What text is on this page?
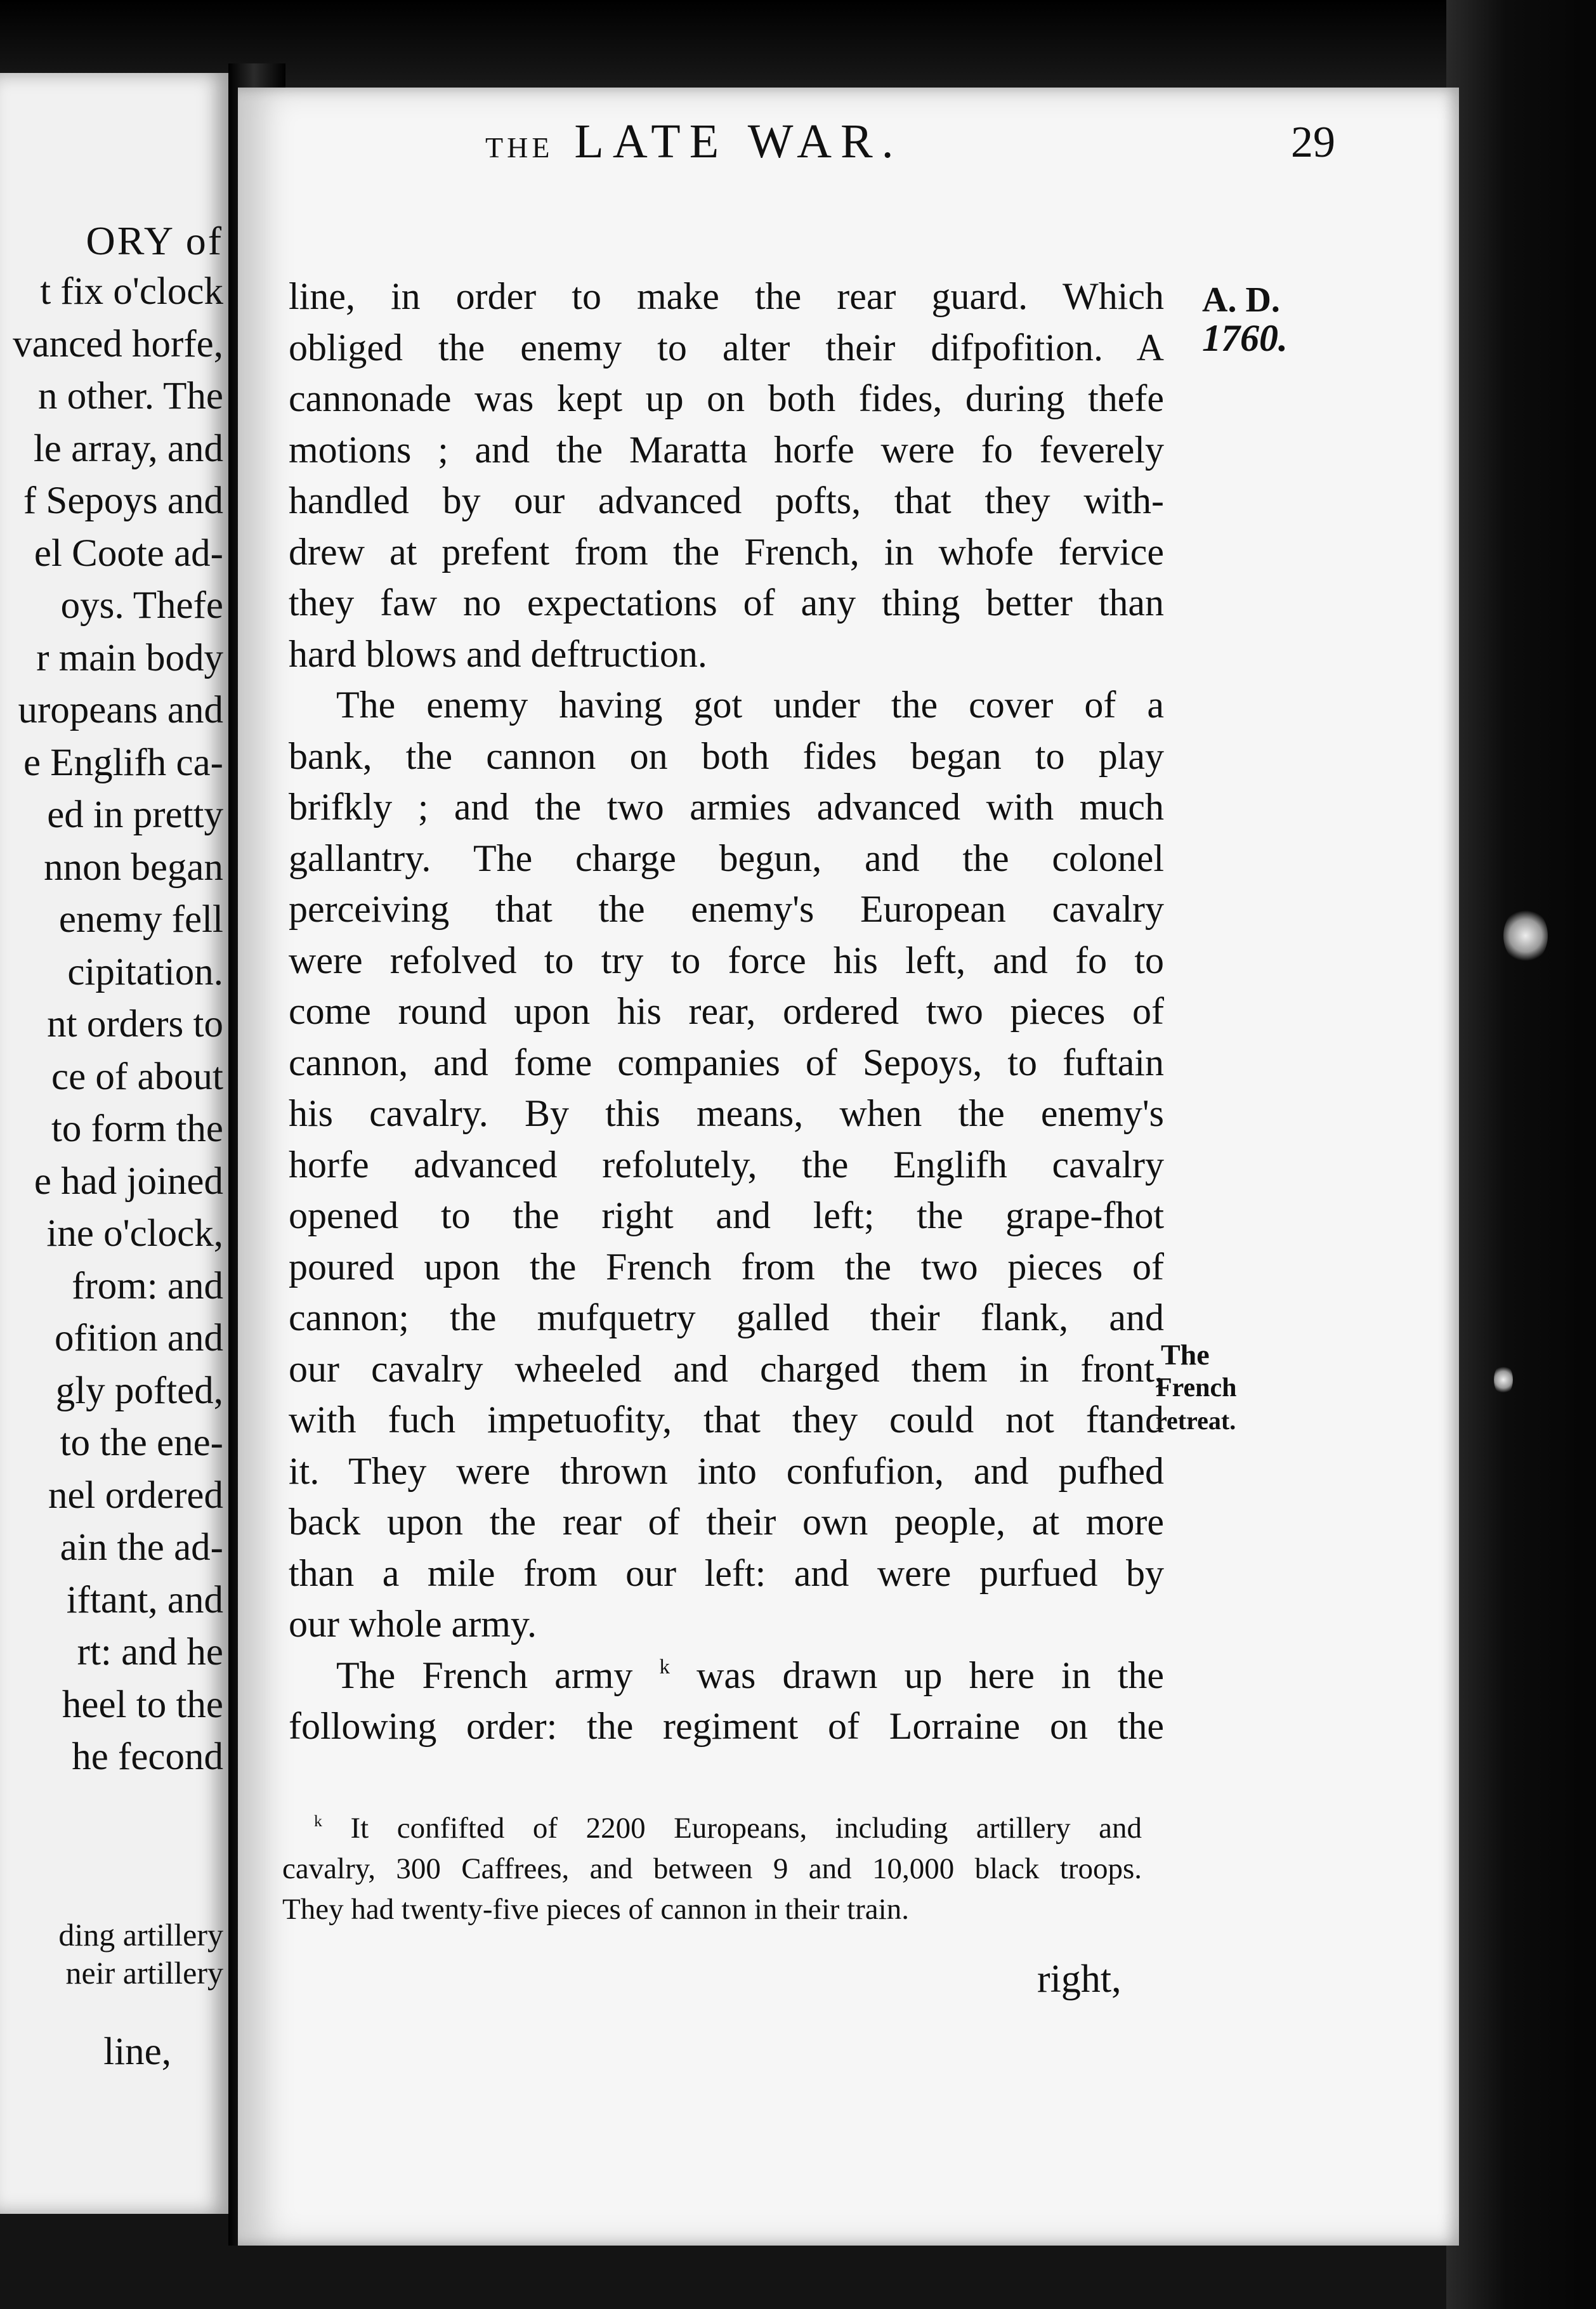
ORY of
t fix o'clock
vanced horfe,
n other. The
le array, and
f Sepoys and
el Coote ad-
oys. Thefe
r main body
uropeans and
e Englifh ca-
ed in pretty
nnon began
enemy fell
cipitation.
nt orders to
ce of about
to form the
e had joined
ine o'clock,
from: and
ofition and
gly pofted,
to the ene-
nel ordered
ain the ad-
iftant, and
rt: and he
heel to the
he fecond
ding artillery
neir artillery
line,
THE LATE WAR.	29
A. D.
1760.
The
French
retreat.
line, in order to make the rear guard. Which
obliged the enemy to alter their difpofition. A
cannonade was kept up on both fides, during thefe
motions ; and the Maratta horfe were fo feverely
handled by our advanced pofts, that they with-
drew at prefent from the French, in whofe fervice
they faw no expectations of any thing better than
hard blows and deftruction.
The enemy having got under the cover of a
bank, the cannon on both fides began to play
brifkly ; and the two armies advanced with much
gallantry. The charge begun, and the colonel
perceiving that the enemy's European cavalry
were refolved to try to force his left, and fo to
come round upon his rear, ordered two pieces of
cannon, and fome companies of Sepoys, to fuftain
his cavalry. By this means, when the enemy's
horfe advanced refolutely, the Englifh cavalry
opened to the right and left; the grape-fhot
poured upon the French from the two pieces of
cannon; the mufquetry galled their flank, and
our cavalry wheeled and charged them in front,
with fuch impetuofity, that they could not ftand
it. They were thrown into confufion, and pufhed
back upon the rear of their own people, at more
than a mile from our left: and were purfued by
our whole army.
The French army $^k$ was drawn up here in the
following order: the regiment of Lorraine on the
$^k$ It confifted of 2200 Europeans, including artillery and
cavalry, 300 Caffrees, and between 9 and 10,000 black troops.
They had twenty-five pieces of cannon in their train.
right,
